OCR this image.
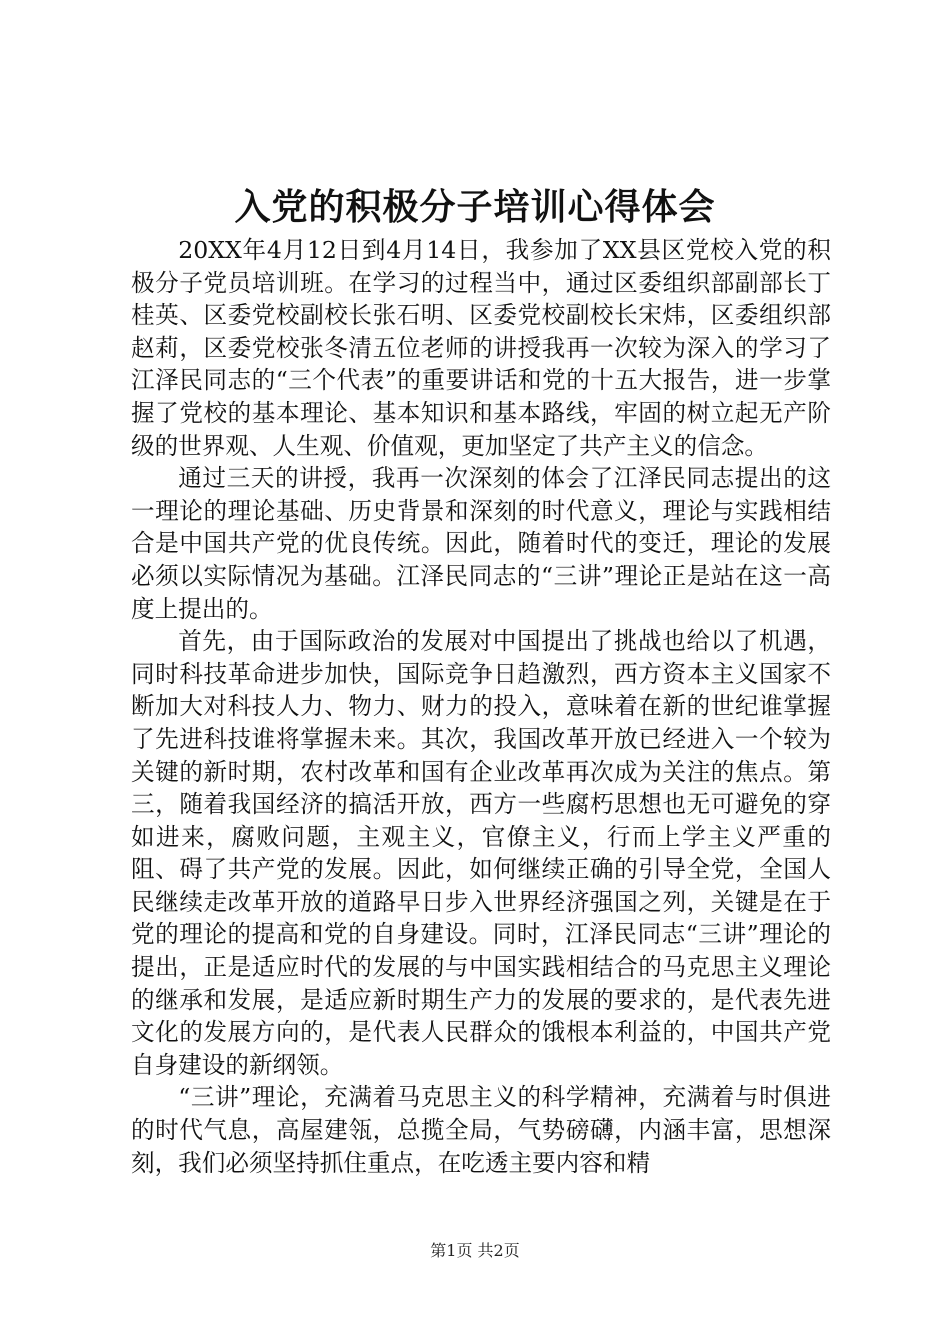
入党的积极分子培训心得体会

20XX年4月12日到4月14日，我参加了XX县区党校入党的积极分子党员培训班。在学习的过程当中，通过区委组织部副部长丁桂英、区委党校副校长张石明、区委党校副校长宋炜，区委组织部赵莉，区委党校张冬清五位老师的讲授我再一次较为深入的学习了江泽民同志的“三个代表”的重要讲话和党的十五大报告，进一步掌握了党校的基本理论、基本知识和基本路线，牢固的树立起无产阶级的世界观、人生观、价值观，更加坚定了共产主义的信念。

通过三天的讲授，我再一次深刻的体会了江泽民同志提出的这一理论的理论基础、历史背景和深刻的时代意义，理论与实践相结合是中国共产党的优良传统。因此，随着时代的变迁，理论的发展必须以实际情况为基础。江泽民同志的“三讲”理论正是站在这一高度上提出的。

首先，由于国际政治的发展对中国提出了挑战也给以了机遇，同时科技革命进步加快，国际竞争日趋激烈，西方资本主义国家不断加大对科技人力、物力、财力的投入，意味着在新的世纪谁掌握了先进科技谁将掌握未来。其次，我国改革开放已经进入一个较为关键的新时期，农村改革和国有企业改革再次成为关注的焦点。第三，随着我国经济的搞活开放，西方一些腐朽思想也无可避免的穿如进来，腐败问题，主观主义，官僚主义，行而上学主义严重的阻、碍了共产党的发展。因此，如何继续正确的引导全党，全国人民继续走改革开放的道路早日步入世界经济强国之列，关键是在于党的理论的提高和党的自身建设。同时，江泽民同志“三讲”理论的提出，正是适应时代的发展的与中国实践相结合的马克思主义理论的继承和发展，是适应新时期生产力的发展的要求的，是代表先进文化的发展方向的，是代表人民群众的饿根本利益的，中国共产党自身建设的新纲领。

“三讲”理论，充满着马克思主义的科学精神，充满着与时俱进的时代气息，高屋建瓴，总揽全局，气势磅礴，内涵丰富，思想深刻，我们必须坚持抓住重点，在吃透主要内容和精

第1页 共2页
